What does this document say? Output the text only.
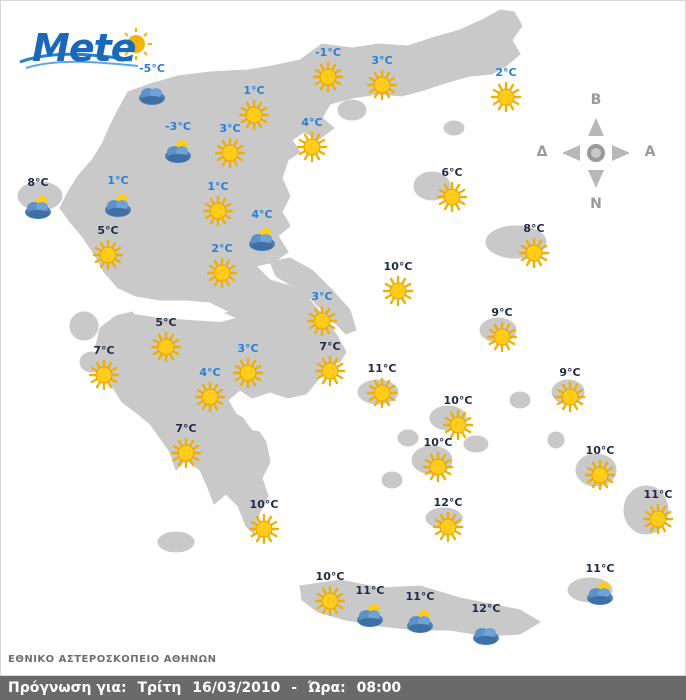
Mete
B
N
Δ	A
-5°C
-1°C
3°C
2°C
1°C
-3°C	3°C	4°C
8°C	1°C	1°C
4°C
6°C
5°C
2°C
8°C
10°C
3°C
9°C
5°C
7°C	3°C	7°C
4°C	11°C	9°C
10°C
7°C
10°C
10°C
11°C
10°C	12°C
11°C
10°C
11°C
11°C
12°C
ΕΘΝΙΚΟ ΑΣΤΕΡΟΣΚΟΠΕΙΟ ΑΘΗΝΩΝ
Πρόγνωση για: Τρίτη 16/03/2010 - Ώρα: 08:00
